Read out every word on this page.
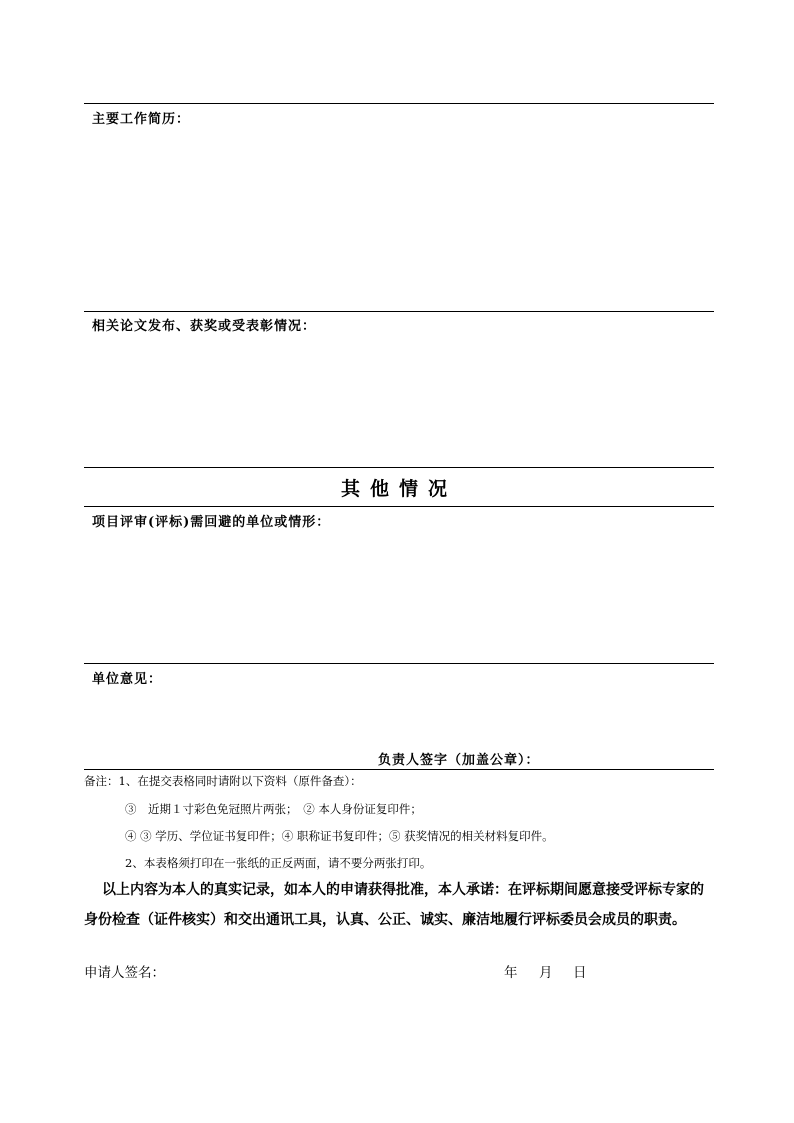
主要工作简历：
相关论文发布、获奖或受表彰情况：
其他情况
项目评审(评标)需回避的单位或情形：
单位意见：
负责人签字（加盖公章）：
备注：1、在提交表格同时请附以下资料（原件备查）：
③　近期１寸彩色免冠照片两张；　② 本人身份证复印件；
④ ③ 学历、学位证书复印件；④ 职称证书复印件；⑤ 获奖情况的相关材料复印件。
2、本表格须打印在一张纸的正反两面，请不要分两张打印。

以上内容为本人的真实记录，如本人的申请获得批准，本人承诺：在评标期间愿意接受评标专家的

身份检查（证件核实）和交出通讯工具，认真、公正、诚实、廉洁地履行评标委员会成员的职责。

申请人签名：	年 月 日
